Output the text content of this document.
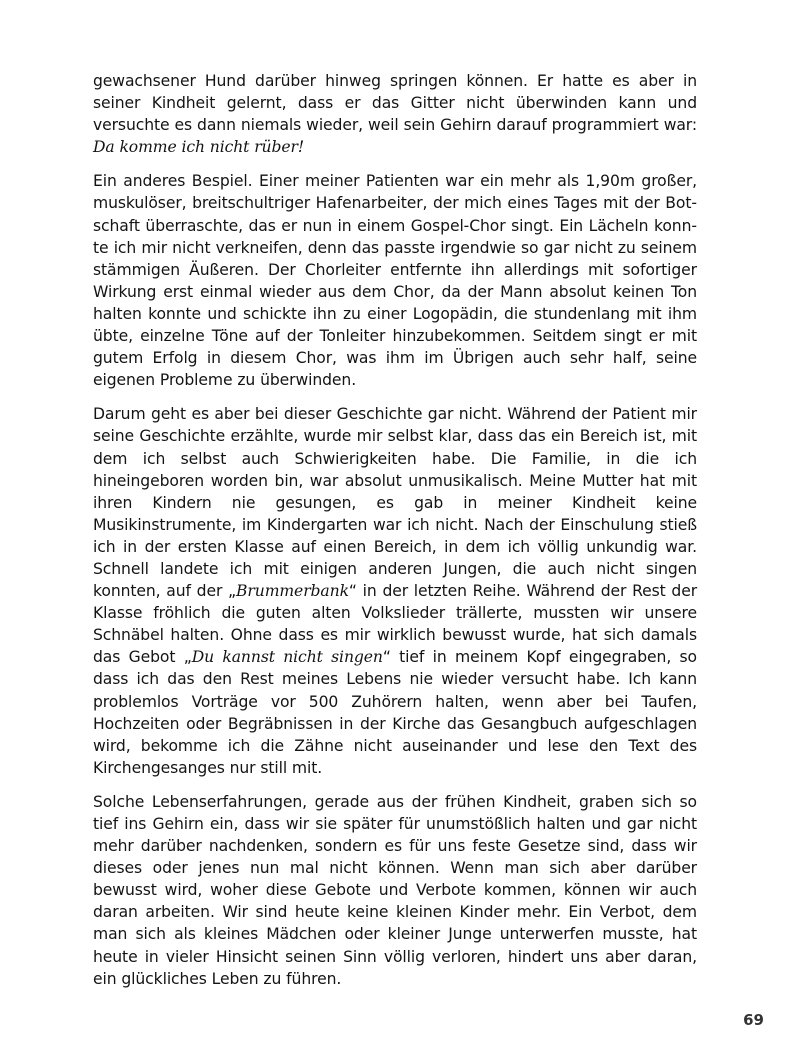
gewachsener Hund darüber hinweg springen können. Er hatte es aber in seiner Kindheit gelernt, dass er das Gitter nicht überwinden kann und versuchte es dann niemals wieder, weil sein Gehirn darauf programmiert war: Da komme ich nicht rüber!

Ein anderes Bespiel. Einer meiner Patienten war ein mehr als 1,90m großer, muskulöser, breitschultriger Hafenarbeiter, der mich eines Tages mit der Botschaft überraschte, das er nun in einem Gospel-Chor singt. Ein Lächeln konnte ich mir nicht verkneifen, denn das passte irgendwie so gar nicht zu seinem stämmigen Äußeren. Der Chorleiter entfernte ihn allerdings mit sofortiger Wirkung erst einmal wieder aus dem Chor, da der Mann absolut keinen Ton halten konnte und schickte ihn zu einer Logopädin, die stundenlang mit ihm übte, einzelne Töne auf der Tonleiter hinzubekommen. Seitdem singt er mit gutem Erfolg in diesem Chor, was ihm im Übrigen auch sehr half, seine eigenen Probleme zu überwinden.

Darum geht es aber bei dieser Geschichte gar nicht. Während der Patient mir seine Geschichte erzählte, wurde mir selbst klar, dass das ein Bereich ist, mit dem ich selbst auch Schwierigkeiten habe. Die Familie, in die ich hineingeboren worden bin, war absolut unmusikalisch. Meine Mutter hat mit ihren Kindern nie gesungen, es gab in meiner Kindheit keine Musikinstrumente, im Kindergarten war ich nicht. Nach der Einschulung stieß ich in der ersten Klasse auf einen Bereich, in dem ich völlig unkundig war. Schnell landete ich mit einigen anderen Jungen, die auch nicht singen konnten, auf der „Brummerbank“ in der letzten Reihe. Während der Rest der Klasse fröhlich die guten alten Volkslieder trällerte, mussten wir unsere Schnäbel halten. Ohne dass es mir wirklich bewusst wurde, hat sich damals das Gebot „Du kannst nicht singen“ tief in meinem Kopf eingegraben, so dass ich das den Rest meines Lebens nie wieder versucht habe. Ich kann problemlos Vorträge vor 500 Zuhörern halten, wenn aber bei Taufen, Hochzeiten oder Begräbnissen in der Kirche das Gesangbuch aufgeschlagen wird, bekomme ich die Zähne nicht auseinander und lese den Text des Kirchengesanges nur still mit.

Solche Lebenserfahrungen, gerade aus der frühen Kindheit, graben sich so tief ins Gehirn ein, dass wir sie später für unumstößlich halten und gar nicht mehr darüber nachdenken, sondern es für uns feste Gesetze sind, dass wir dieses oder jenes nun mal nicht können. Wenn man sich aber darüber bewusst wird, woher diese Gebote und Verbote kommen, können wir auch daran arbeiten. Wir sind heute keine kleinen Kinder mehr. Ein Verbot, dem man sich als kleines Mädchen oder kleiner Junge unterwerfen musste, hat heute in vieler Hinsicht seinen Sinn völlig verloren, hindert uns aber daran, ein glückliches Leben zu führen.

69
